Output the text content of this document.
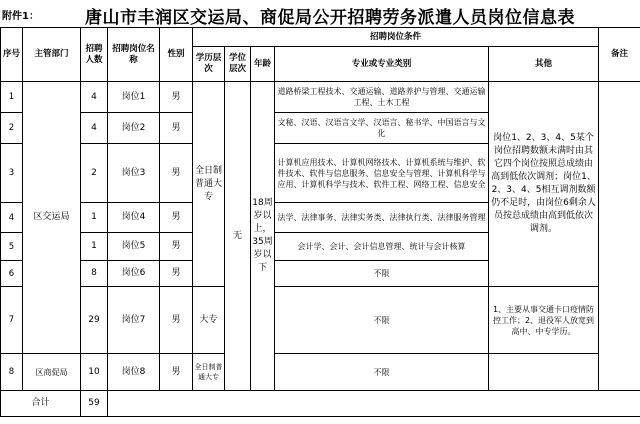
附件1：	唐山市丰润区交运局、商促局公开招聘劳务派遣人员岗位信息表
序号	主管部门	招聘人数	招聘岗位名称	性别	招聘岗位条件					备注
					学历层次	学位层次	年龄	专业或专业类别	其他	
1	区交运局	4	岗位1	男	全日制普通大专	无	18周岁以上，35周岁以下	道路桥梁工程技术、交通运输、道路养护与管理、交通运输工程、土木工程	岗位1、2、3、4、5某个岗位招聘数额未满时由其它四个岗位按照总成绩由高到低依次调剂；岗位1、2、3、4、5相互调剂数额仍不足时，由岗位6剩余人员按总成绩由高到低依次调剂。	
2		4	岗位2	男				文秘、汉语、汉语言文学、汉语言、秘书学、中国语言与文化		
3		2	岗位3	男				计算机应用技术、计算机网络技术、计算机系统与维护、软件技术、软件与信息服务、信息安全与管理、计算机科学与应用、计算机科学与技术、软件工程、网络工程、信息安全		
4		1	岗位4	男				法学、法律事务、法律实务类、法律执行类、法律服务管理		
5		1	岗位5	男				会计学、会计、会计信息管理、统计与会计核算		
6		8	岗位6	男				不限		
7		29	岗位7	男	大专			不限	1、主要从事交通卡口疫情防控工作；2、退役军人放宽到高中、中专学历。	
8	区商促局	10	岗位8	男	全日制普通大专			不限		
合计		59								
